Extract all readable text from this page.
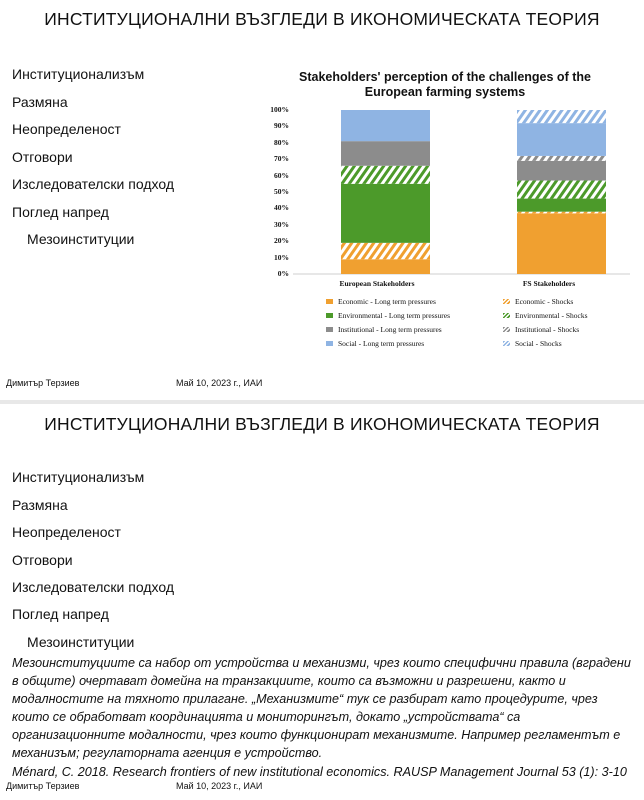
ИНСТИТУЦИОНАЛНИ ВЪЗГЛЕДИ В ИКОНОМИЧЕСКАТА ТЕОРИЯ
Институционализъм
Размяна
Неопределеност
Отговори
Изследователски подход
Поглед напред
Мезоинституции
Stakeholders' perception of the challenges of the European farming systems
European Stakeholders	FS Stakeholders
Димитър Терзиев	Май 10, 2023 г., ИАИ
0%
10%
20%
30%
40%
50%
60%
70%
80%
90%
100%
Economic - Long term pressures	Economic - Shocks
Environmental - Long term pressures	Environmental - Shocks
Institutional - Long term pressures	Institutional - Shocks
Social - Long term pressures	Social - Shocks
ИНСТИТУЦИОНАЛНИ ВЪЗГЛЕДИ В ИКОНОМИЧЕСКАТА ТЕОРИЯ
Институционализъм
Размяна
Неопределеност
Отговори
Изследователски подход
Поглед напред
Мезоинституции
Мезоинституциите са набор от устройства и механизми, чрез които специфични правила (вградени в общите) очертават домейна на транзакциите, които са възможни и разрешени, както и модалностите на тяхното прилагане. „Механизмите“ тук се разбират като процедурите, чрез които се обработват координацията и мониторингът, докато „устройствата“ са организационните модалности, чрез които функционират механизмите. Например регламентът е механизъм; регулаторната агенция е устройство.
Ménard, C. 2018. Research frontiers of new institutional economics. RAUSP Management Journal 53 (1): 3-10
Димитър Терзиев	Май 10, 2023 г., ИАИ
